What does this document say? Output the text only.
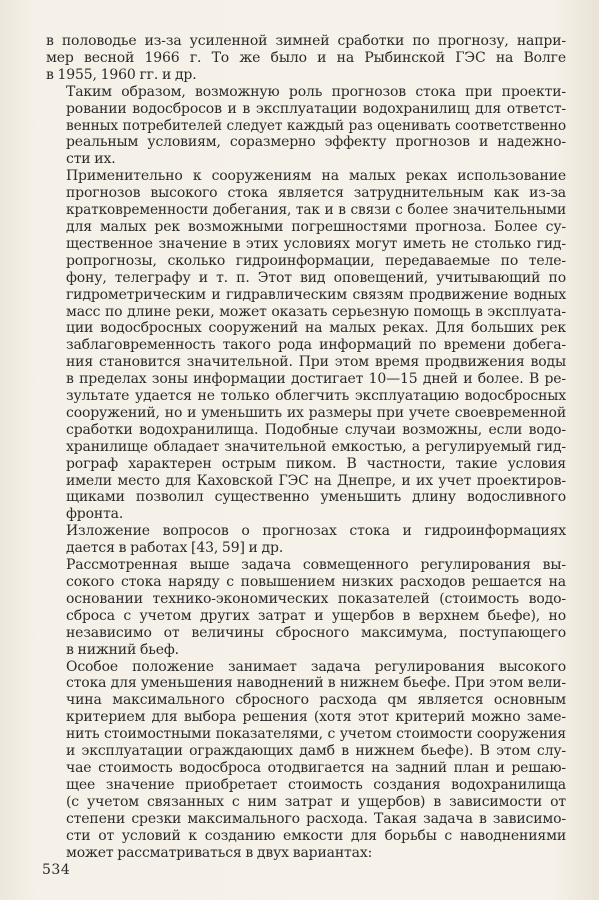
в половодье из-за усиленной зимней сработки по прогнозу, напри-
мер весной 1966 г. То же было и на Рыбинской ГЭС на Волге
в 1955, 1960 гг. и др.

Таким образом, возможную роль прогнозов стока при проекти-
ровании водосбросов и в эксплуатации водохранилищ для ответст-
венных потребителей следует каждый раз оценивать соответственно
реальным условиям, соразмерно эффекту прогнозов и надежно-
сти их.

Применительно к сооружениям на малых реках использование
прогнозов высокого стока является затруднительным как из-за
кратковременности добегания, так и в связи с более значительными
для малых рек возможными погрешностями прогноза. Более су-
щественное значение в этих условиях могут иметь не столько гид-
ропрогнозы, сколько гидроинформации, передаваемые по теле-
фону, телеграфу и т. п. Этот вид оповещений, учитывающий по
гидрометрическим и гидравлическим связям продвижение водных
масс по длине реки, может оказать серьезную помощь в эксплуата-
ции водосбросных сооружений на малых реках. Для больших рек
заблаговременность такого рода информаций по времени добега-
ния становится значительной. При этом время продвижения воды
в пределах зоны информации достигает 10—15 дней и более. В ре-
зультате удается не только облегчить эксплуатацию водосбросных
сооружений, но и уменьшить их размеры при учете своевременной
сработки водохранилища. Подобные случаи возможны, если водо-
хранилище обладает значительной емкостью, а регулируемый гид-
рограф характерен острым пиком. В частности, такие условия
имели место для Каховской ГЭС на Днепре, и их учет проектиров-
щиками позволил существенно уменьшить длину водосливного
фронта.

Изложение вопросов о прогнозах стока и гидроинформациях
дается в работах [43, 59] и др.

Рассмотренная выше задача совмещенного регулирования вы-
сокого стока наряду с повышением низких расходов решается на
основании технико-экономических показателей (стоимость водо-
сброса с учетом других затрат и ущербов в верхнем бьефе), но
независимо от величины сбросного максимума, поступающего
в нижний бьеф.

Особое положение занимает задача регулирования высокого
стока для уменьшения наводнений в нижнем бьефе. При этом вели-
чина максимального сбросного расхода qм является основным
критерием для выбора решения (хотя этот критерий можно заме-
нить стоимостными показателями, с учетом стоимости сооружения
и эксплуатации ограждающих дамб в нижнем бьефе). В этом слу-
чае стоимость водосброса отодвигается на задний план и решаю-
щее значение приобретает стоимость создания водохранилища
(с учетом связанных с ним затрат и ущербов) в зависимости от
степени срезки максимального расхода. Такая задача в зависимо-
сти от условий к созданию емкости для борьбы с наводнениями
может рассматриваться в двух вариантах:

534
